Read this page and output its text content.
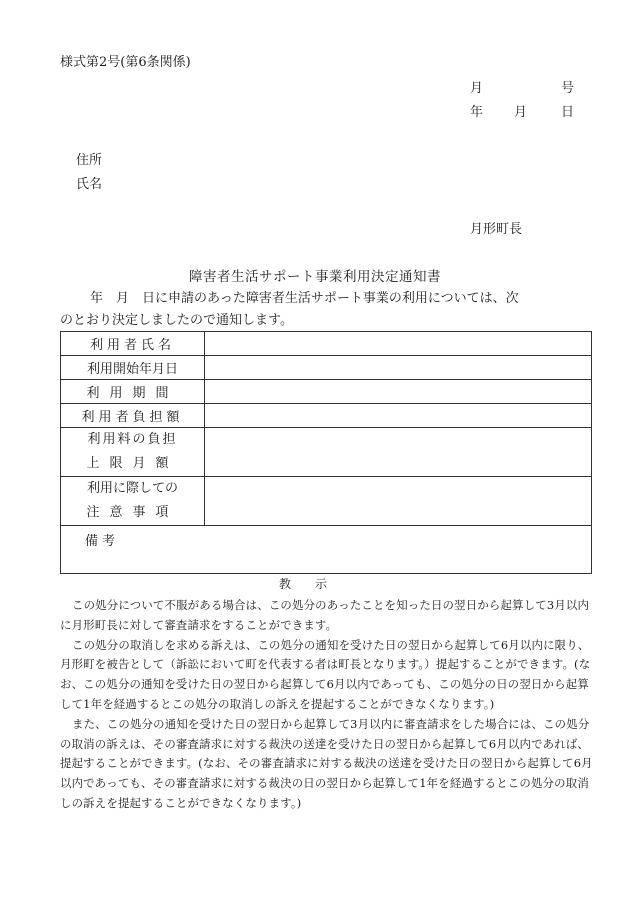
様式第2号(第6条関係)
月	号
年 月	日
住所
氏名
月形町長
障害者生活サポート事業利用決定通知書
年　月　日に申請のあった障害者生活サポート事業の利用については、次
のとおり決定しましたので通知します。
利用者氏名	
利用開始年月日	
利用期間	
利用者負担額	

利用料の負担
上限月額	

利用に際しての
注意事項	

備考	
教示

この処分について不服がある場合は、この処分のあったことを知った日の翌日から起算して3月以内に月形町長に対して審査請求をすることができます。

この処分の取消しを求める訴えは、この処分の通知を受けた日の翌日から起算して6月以内に限り、月形町を被告として（訴訟において町を代表する者は町長となります。）提起することができます。(なお、この処分の通知を受けた日の翌日から起算して6月以内であっても、この処分の日の翌日から起算して1年を経過するとこの処分の取消しの訴えを提起することができなくなります。)

また、この処分の通知を受けた日の翌日から起算して3月以内に審査請求をした場合には、この処分の取消の訴えは、その審査請求に対する裁決の送達を受けた日の翌日から起算して6月以内であれば、提起することができます。(なお、その審査請求に対する裁決の送達を受けた日の翌日から起算して6月以内であっても、その審査請求に対する裁決の日の翌日から起算して1年を経過するとこの処分の取消しの訴えを提起することができなくなります。)
